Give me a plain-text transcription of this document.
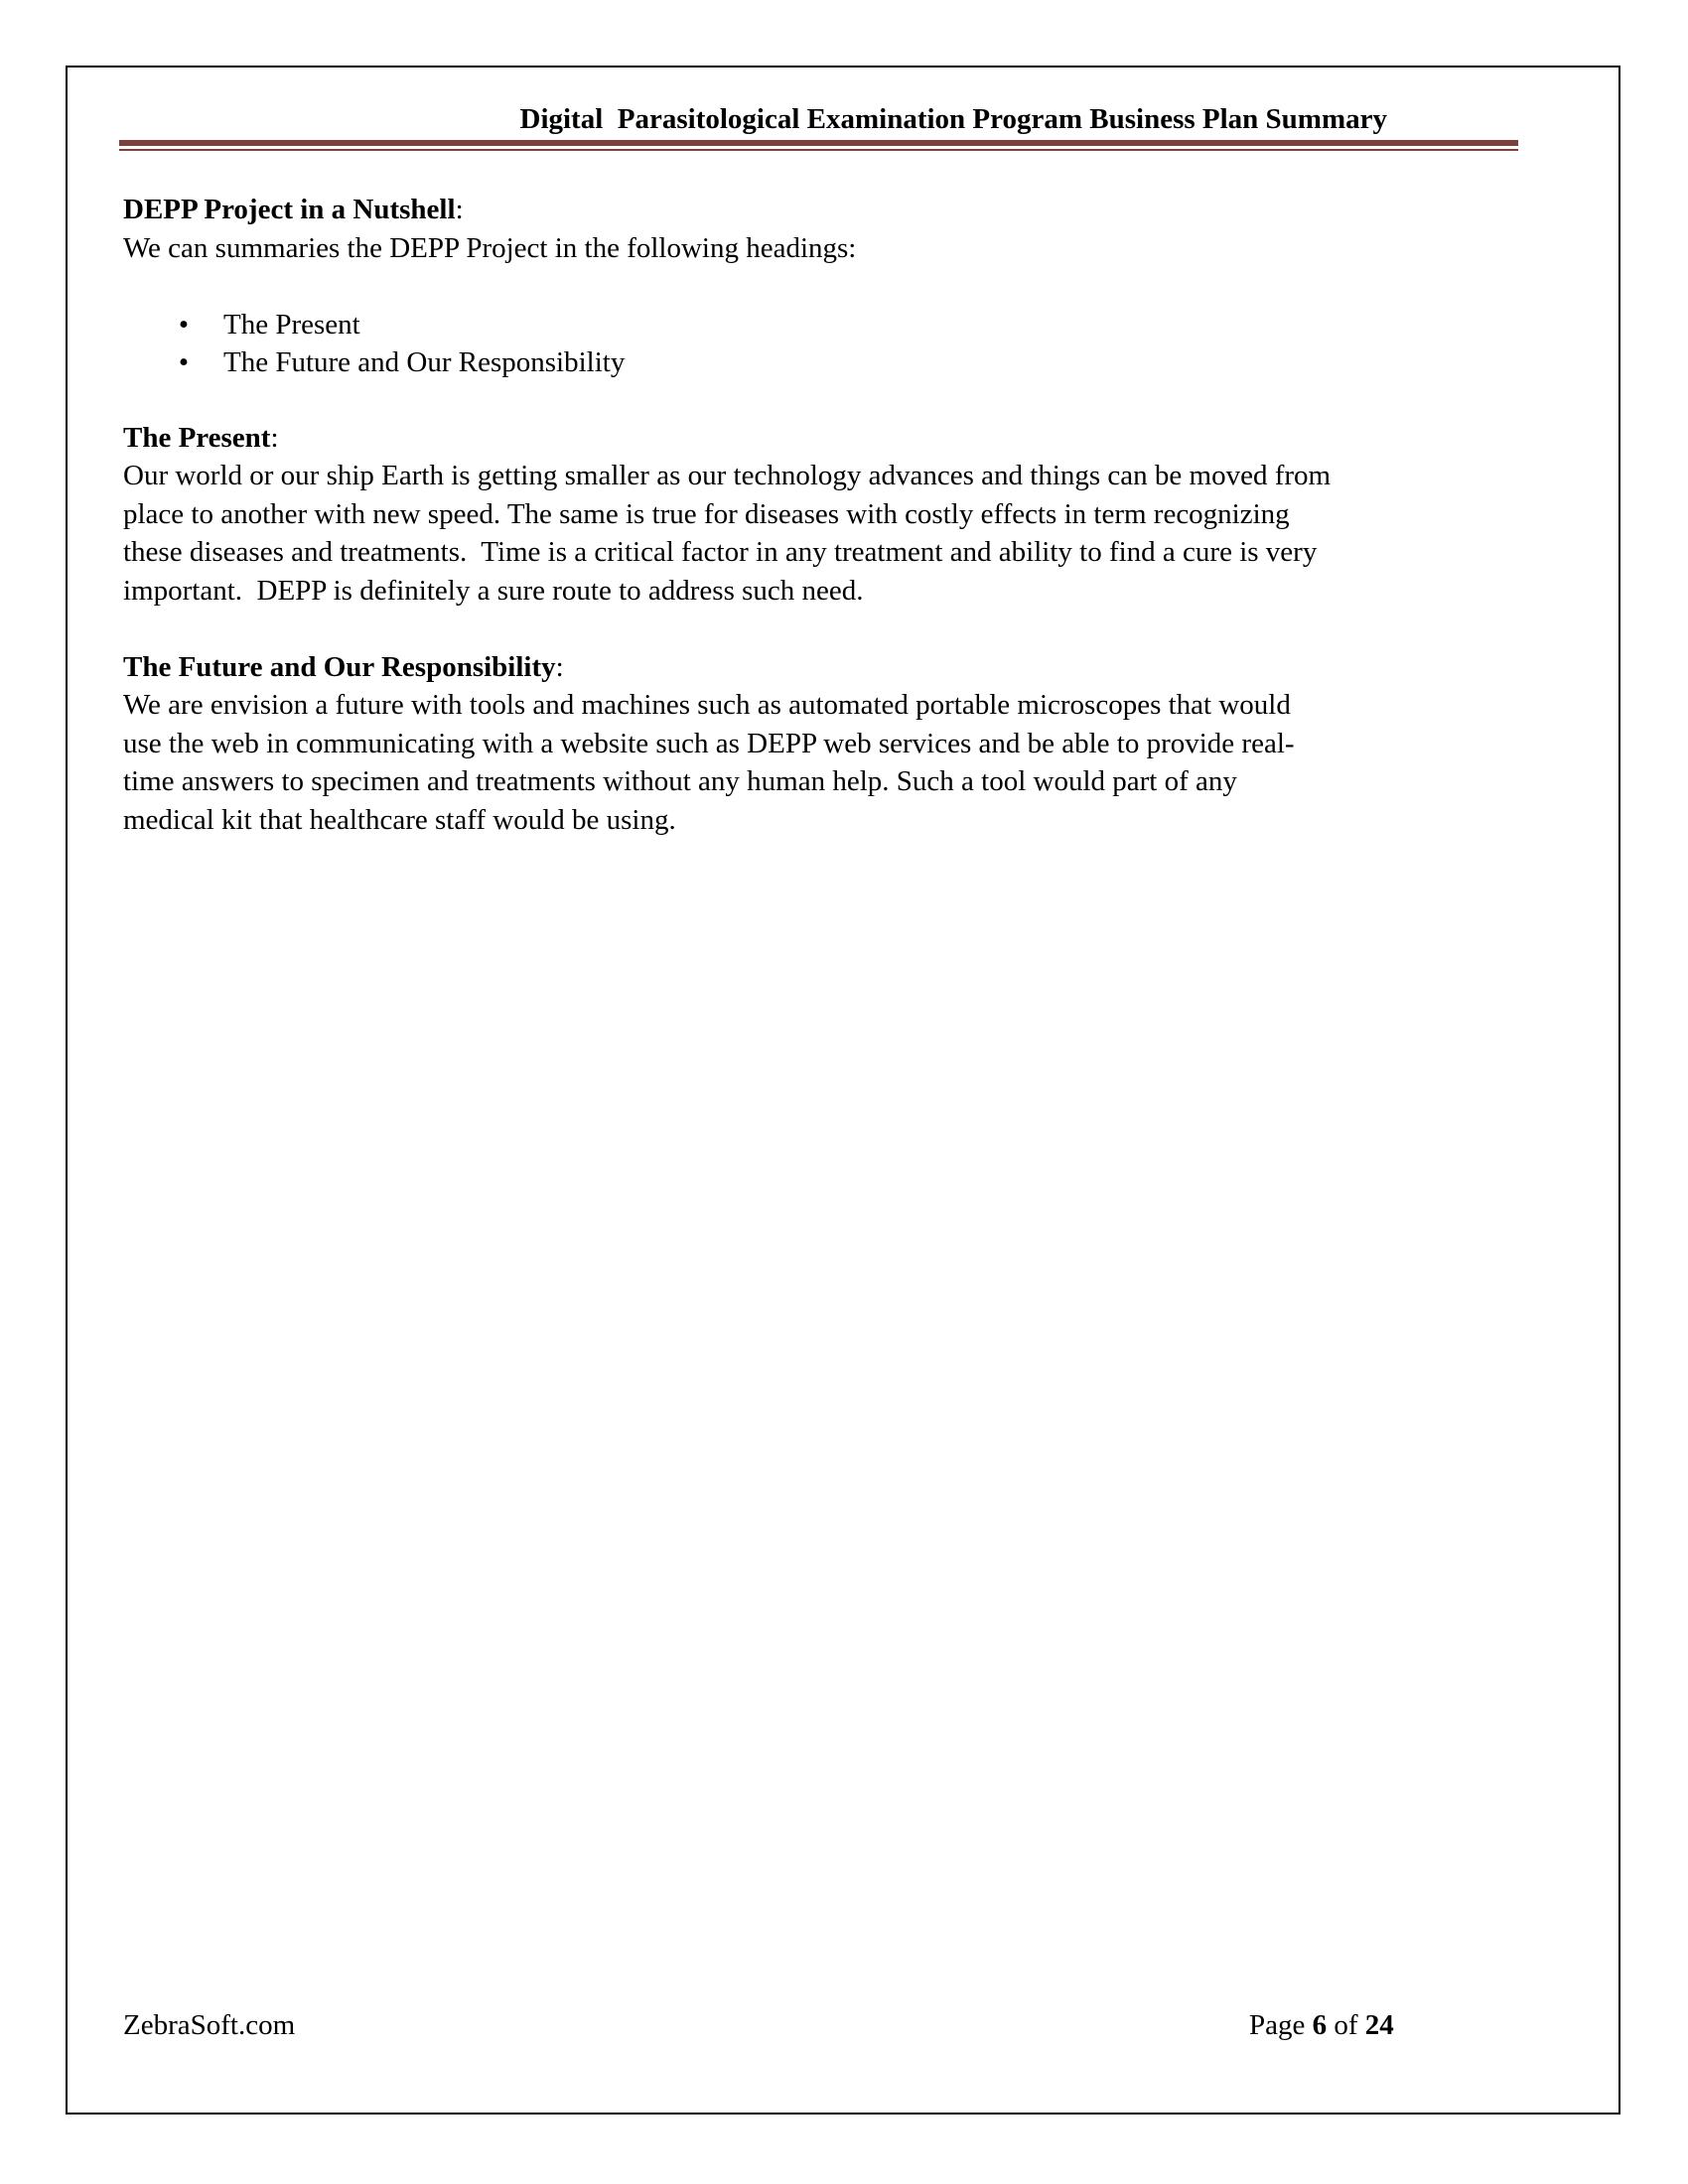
Digital  Parasitological Examination Program Business Plan Summary

DEPP Project in a Nutshell:

We can summaries the DEPP Project in the following headings:

• The Present
• The Future and Our Responsibility

The Present:

Our world or our ship Earth is getting smaller as our technology advances and things can be moved from
place to another with new speed. The same is true for diseases with costly effects in term recognizing
these diseases and treatments.  Time is a critical factor in any treatment and ability to find a cure is very
important.  DEPP is definitely a sure route to address such need.

The Future and Our Responsibility:

We are envision a future with tools and machines such as automated portable microscopes that would
use the web in communicating with a website such as DEPP web services and be able to provide real-
time answers to specimen and treatments without any human help. Such a tool would part of any
medical kit that healthcare staff would be using.

ZebraSoft.com	Page 6 of 24
